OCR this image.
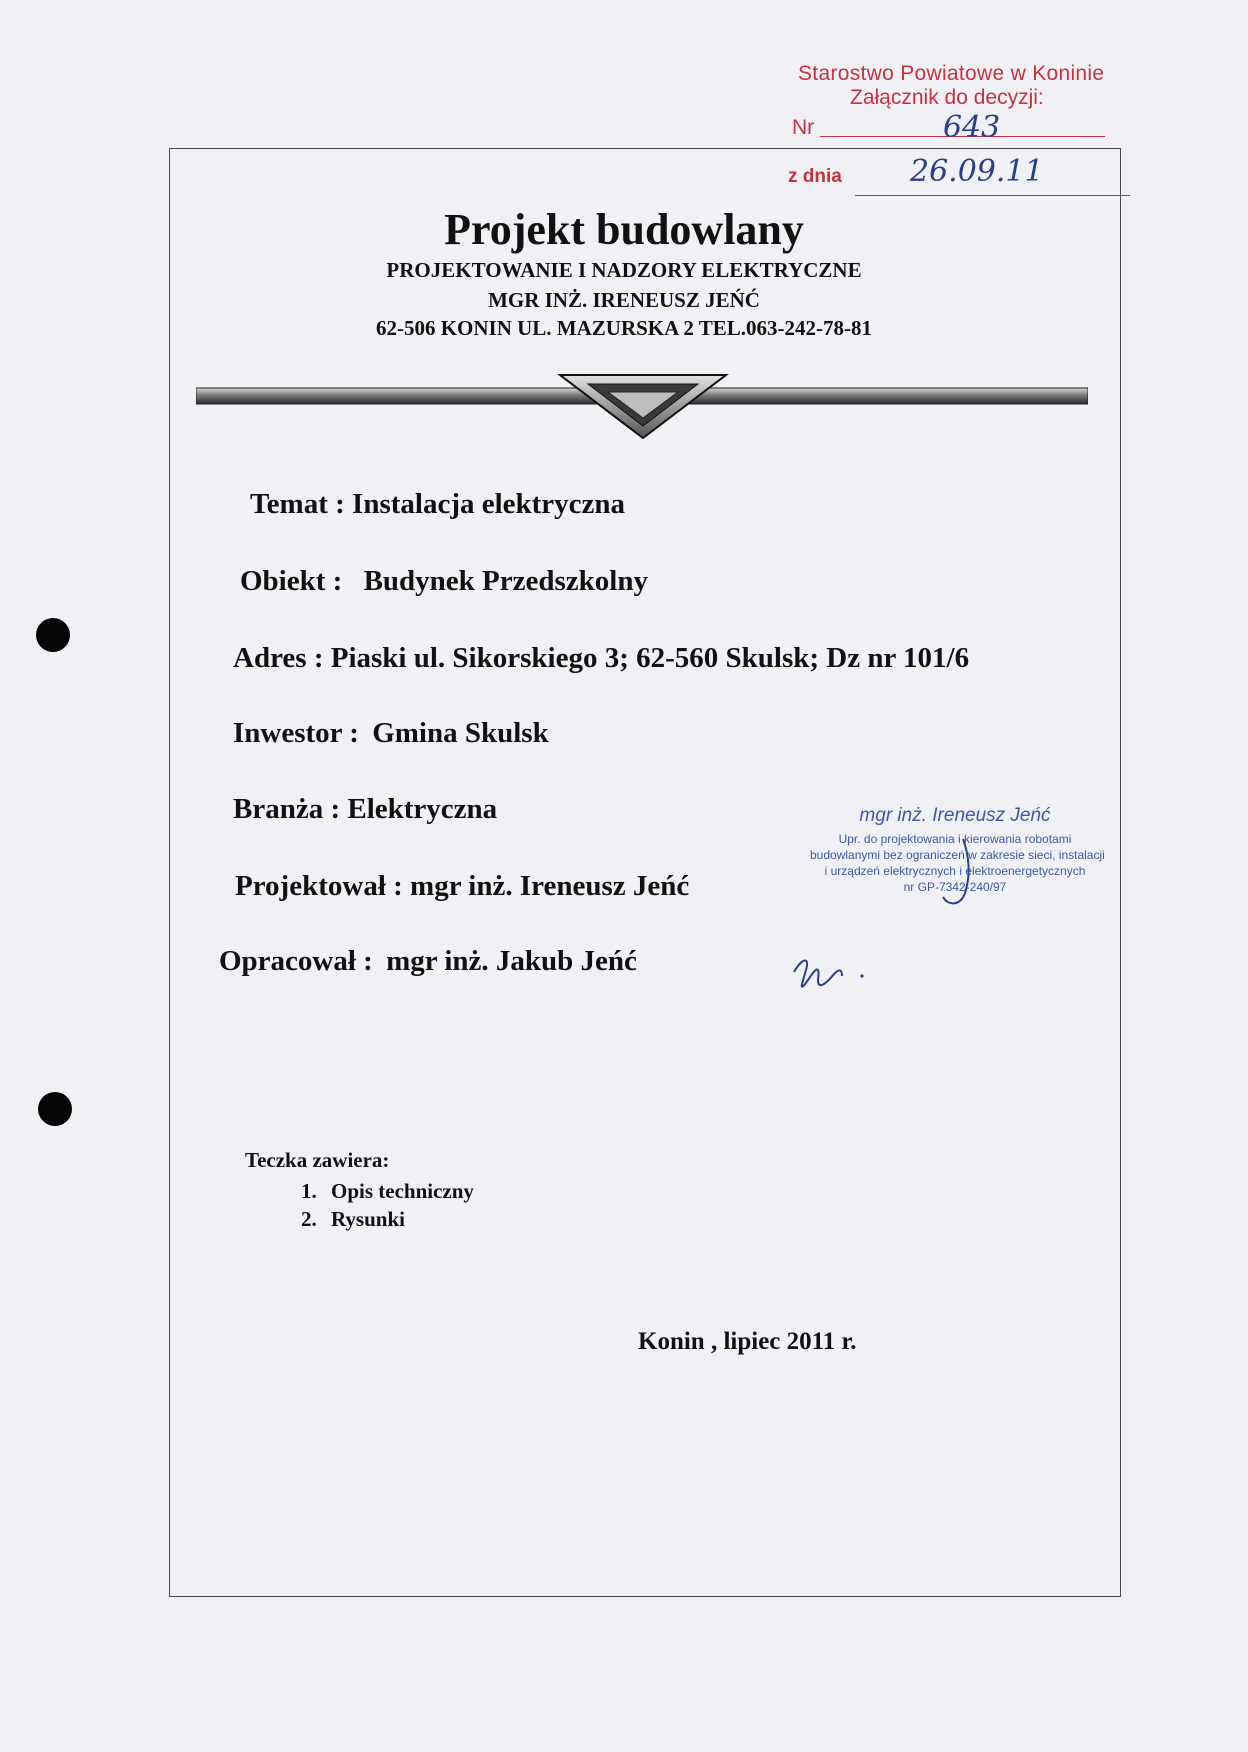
Starostwo Powiatowe w Koninie
Załącznik do decyzji:
Nr	643
z dnia 26.09.11
Projekt budowlany
PROJEKTOWANIE I NADZORY ELEKTRYCZNE
MGR INŻ. IRENEUSZ JEŃĆ
62-506 KONIN UL. MAZURSKA 2 TEL.063-242-78-81
Temat : Instalacja elektryczna
Obiekt : Budynek Przedszkolny
Adres : Piaski ul. Sikorskiego 3; 62-560 Skulsk; Dz nr 101/6
Inwestor : Gmina Skulsk
Branża : Elektryczna
Projektował : mgr inż. Ireneusz Jeńć
Opracował : mgr inż. Jakub Jeńć
mgr inż. Ireneusz Jeńć
Upr. do projektowania i kierowania robotami
budowlanymi bez ograniczeń w zakresie sieci, instalacji
i urządzeń elektrycznych i elektroenergetycznych
nr GP-7342-240/97
Teczka zawiera:
1. Opis techniczny
2. Rysunki
Konin , lipiec 2011 r.
